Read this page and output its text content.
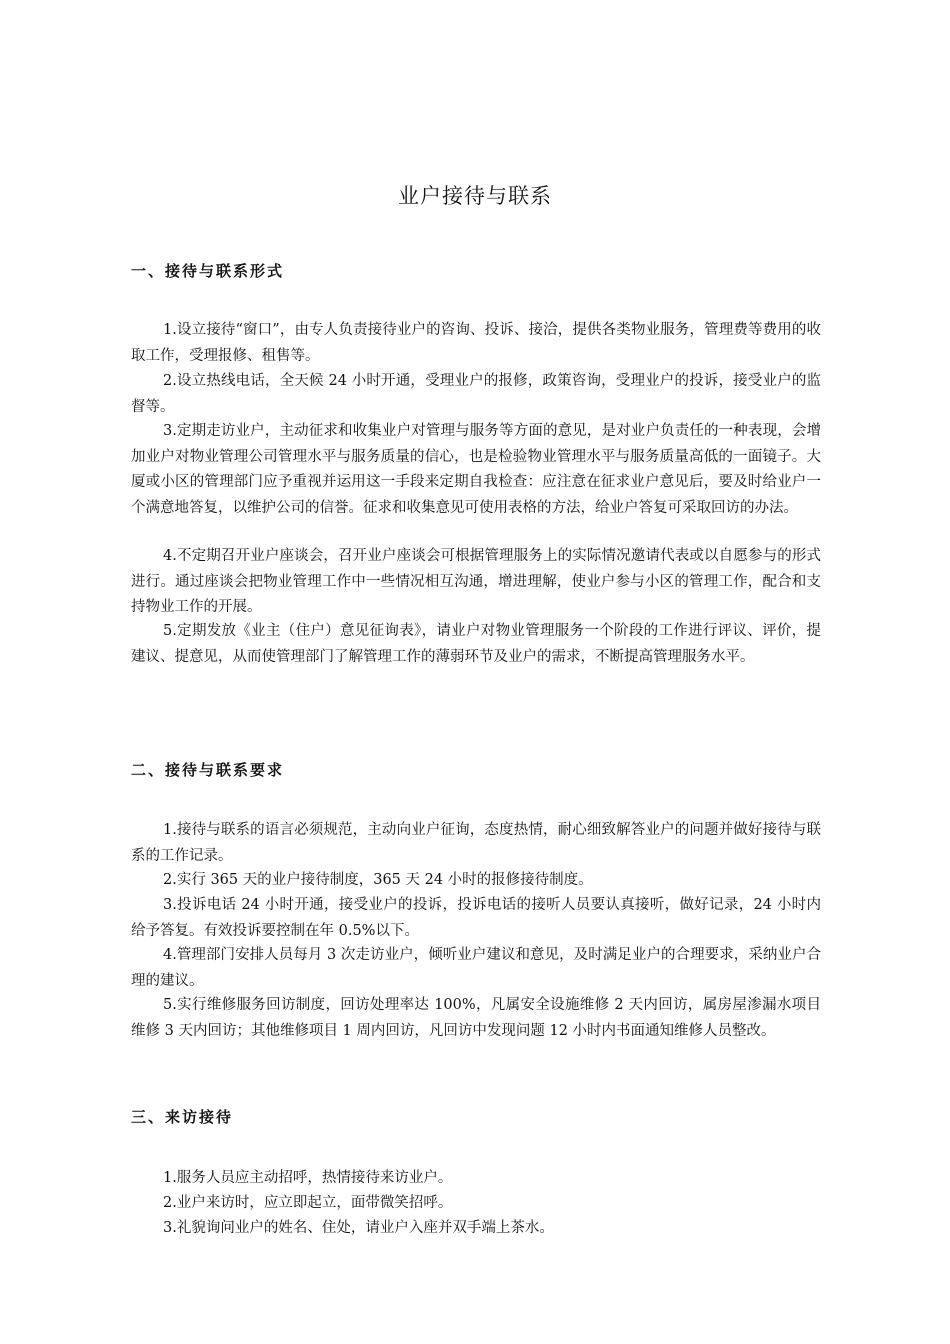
业户接待与联系
一、接待与联系形式

1.设立接待“窗口”，由专人负责接待业户的咨询、投诉、接洽，提供各类物业服务，管理费等费用的收取工作，受理报修、租售等。

2.设立热线电话，全天候 24 小时开通，受理业户的报修，政策咨询，受理业户的投诉，接受业户的监督等。

3.定期走访业户，主动征求和收集业户对管理与服务等方面的意见，是对业户负责任的一种表现，会增加业户对物业管理公司管理水平与服务质量的信心，也是检验物业管理水平与服务质量高低的一面镜子。大厦或小区的管理部门应予重视并运用这一手段来定期自我检查：应注意在征求业户意见后，要及时给业户一个满意地答复，以维护公司的信誉。征求和收集意见可使用表格的方法，给业户答复可采取回访的办法。

4.不定期召开业户座谈会，召开业户座谈会可根据管理服务上的实际情况邀请代表或以自愿参与的形式进行。通过座谈会把物业管理工作中一些情况相互沟通，增进理解，使业户参与小区的管理工作，配合和支持物业工作的开展。

5.定期发放《业主（住户）意见征询表》，请业户对物业管理服务一个阶段的工作进行评议、评价，提建议、提意见，从而使管理部门了解管理工作的薄弱环节及业户的需求，不断提高管理服务水平。

二、接待与联系要求

1.接待与联系的语言必须规范，主动向业户征询，态度热情，耐心细致解答业户的问题并做好接待与联系的工作记录。

2.实行 365 天的业户接待制度，365 天 24 小时的报修接待制度。

3.投诉电话 24 小时开通，接受业户的投诉，投诉电话的接听人员要认真接听，做好记录，24 小时内给予答复。有效投诉要控制在年 0.5%以下。

4.管理部门安排人员每月 3 次走访业户，倾听业户建议和意见，及时满足业户的合理要求，采纳业户合理的建议。

5.实行维修服务回访制度，回访处理率达 100%，凡属安全设施维修 2 天内回访，属房屋渗漏水项目维修 3 天内回访；其他维修项目 1 周内回访，凡回访中发现问题 12 小时内书面通知维修人员整改。

三、来访接待

1.服务人员应主动招呼，热情接待来访业户。

2.业户来访时，应立即起立，面带微笑招呼。

3.礼貌询问业户的姓名、住处，请业户入座并双手端上茶水。
